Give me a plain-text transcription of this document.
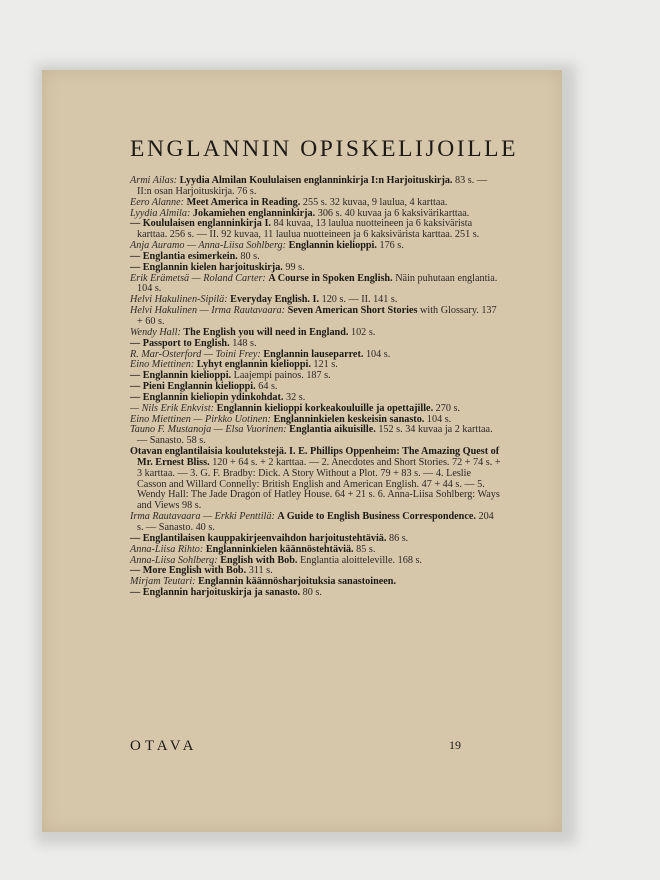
ENGLANNIN OPISKELIJOILLE

Armi Ailas: Lyydia Almilan Koululaisen englanninkirja I:n Harjoituskirja. 83 s. — II:n osan Harjoituskirja. 76 s.

Eero Alanne: Meet America in Reading. 255 s. 32 kuvaa, 9 laulua, 4 karttaa.

Lyydia Almila: Jokamiehen englanninkirja. 306 s. 40 kuvaa ja 6 kaksivärikarttaa.

— Koululaisen englanninkirja I. 84 kuvaa, 13 laulua nuotteineen ja 6 kaksivärista karttaa. 256 s. — II. 92 kuvaa, 11 laulua nuotteineen ja 6 kaksivärista karttaa. 251 s.

Anja Auramo — Anna-Liisa Sohlberg: Englannin kielioppi. 176 s.

— Englantia esimerkein. 80 s.

— Englannin kielen harjoituskirja. 99 s.

Erik Erämetsä — Roland Carter: A Course in Spoken English. Näin puhutaan englantia. 104 s.

Helvi Hakulinen-Sipilä: Everyday English. I. 120 s. — II. 141 s.

Helvi Hakulinen — Irma Rautavaara: Seven American Short Stories with Glossary. 137 + 60 s.

Wendy Hall: The English you will need in England. 102 s.

— Passport to English. 148 s.

R. Mar-Osterford — Toini Frey: Englannin lauseparret. 104 s.

Eino Miettinen: Lyhyt englannin kielioppi. 121 s.

— Englannin kielioppi. Laajempi painos. 187 s.

— Pieni Englannin kielioppi. 64 s.

— Englannin kieliopin ydinkohdat. 32 s.

— Nils Erik Enkvist: Englannin kielioppi korkeakouluille ja opettajille. 270 s.

Eino Miettinen — Pirkko Uotinen: Englanninkielen keskeisin sanasto. 104 s.

Tauno F. Mustanoja — Elsa Vuorinen: Englantia aikuisille. 152 s. 34 kuvaa ja 2 karttaa. — Sanasto. 58 s.

Otavan englantilaisia koulutekstejä. I. E. Phillips Oppenheim: The Amazing Quest of Mr. Ernest Bliss. 120 + 64 s. + 2 karttaa. — 2. Anecdotes and Short Stories. 72 + 74 s. + 3 karttaa. — 3. G. F. Bradby: Dick. A Story Without a Plot. 79 + 83 s. — 4. Leslie Casson and Willard Connelly: British English and American English. 47 + 44 s. — 5. Wendy Hall: The Jade Dragon of Hatley House. 64 + 21 s. 6. Anna-Liisa Sohlberg: Ways and Views 98 s.

Irma Rautavaara — Erkki Penttilä: A Guide to English Business Correspondence. 204 s. — Sanasto. 40 s.

— Englantilaisen kauppakirjeenvaihdon harjoitustehtäviä. 86 s.

Anna-Liisa Rihto: Englanninkielen käännöstehtäviä. 85 s.

Anna-Liisa Sohlberg: English with Bob. Englantia aloitteleville. 168 s.

— More English with Bob. 311 s.

Mirjam Teutari: Englannin käännösharjoituksia sanastoineen.

— Englannin harjoituskirja ja sanasto. 80 s.

OTAVA	19
